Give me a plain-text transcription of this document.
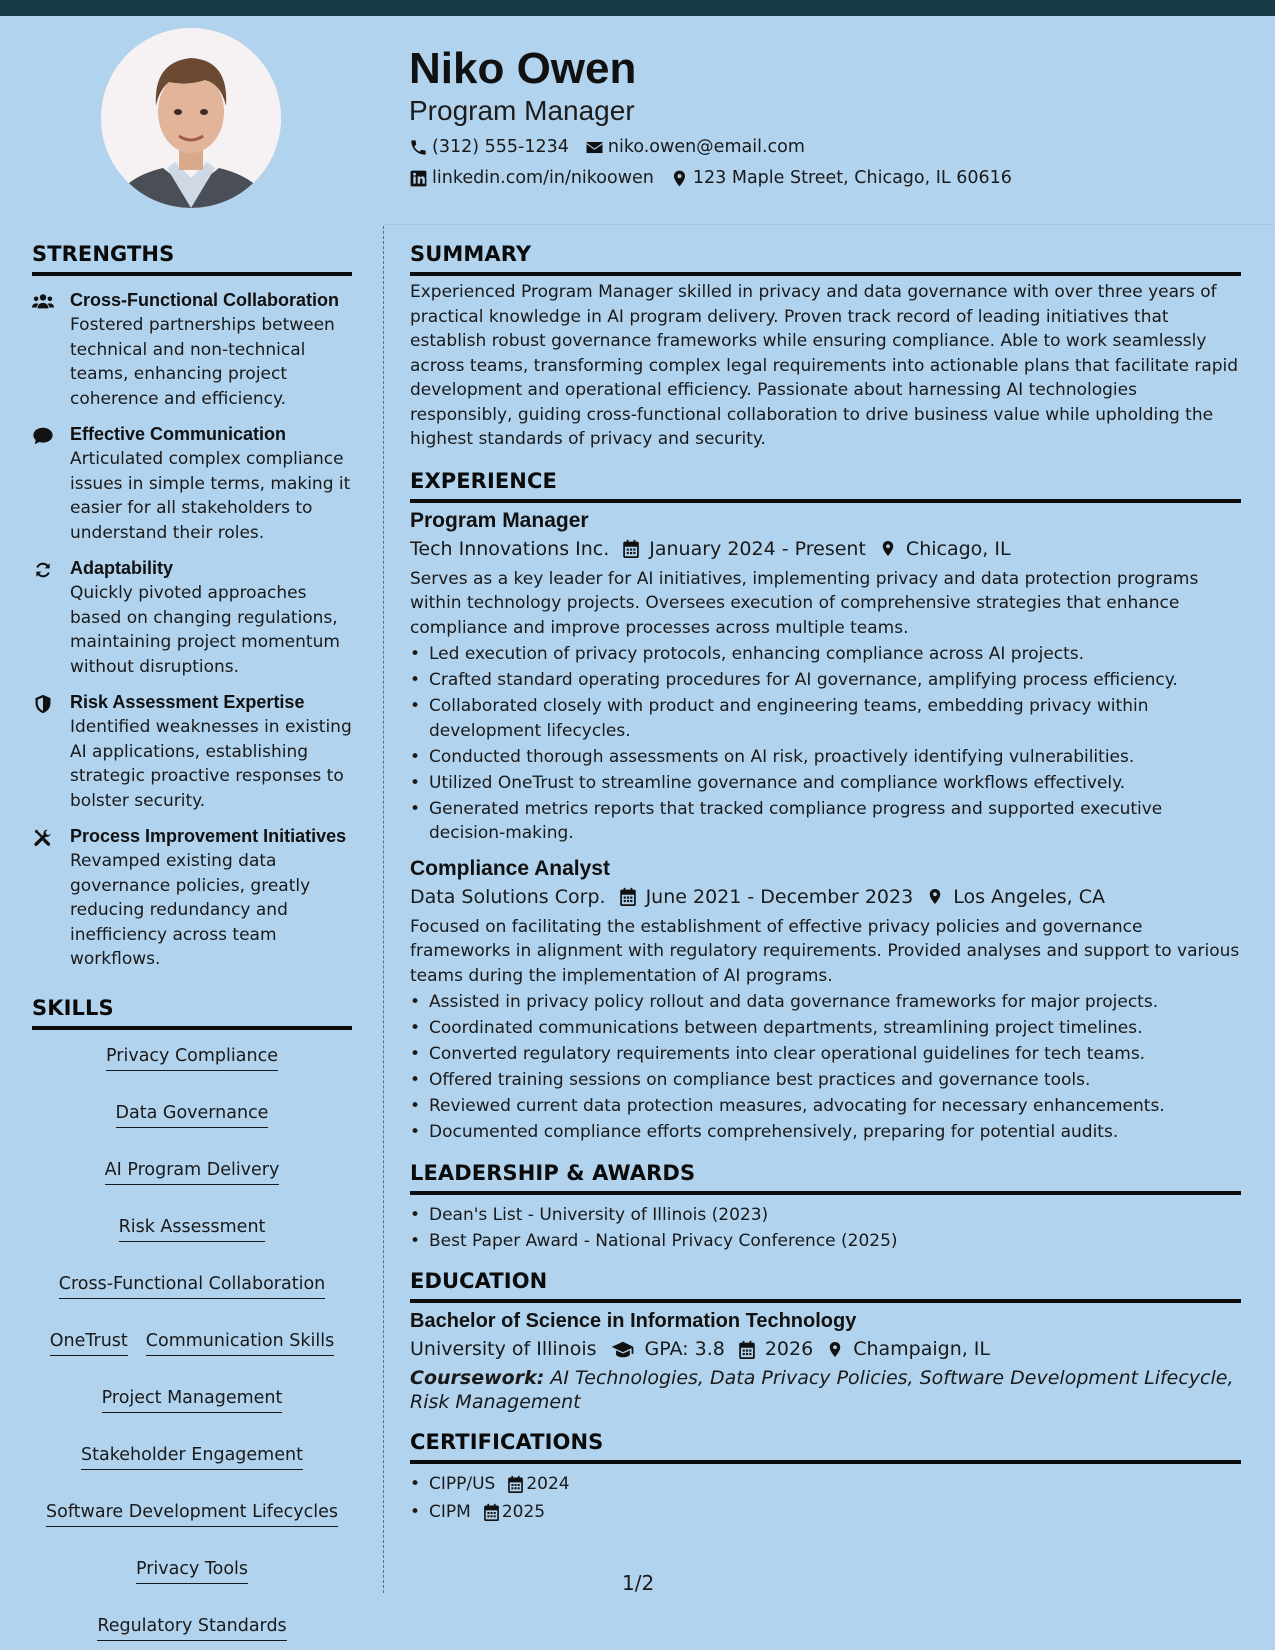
Niko Owen
Program Manager
(312) 555-1234 niko.owen@email.com
linkedin.com/in/nikoowen 123 Maple Street, Chicago, IL 60616
STRENGTHS
Cross-Functional Collaboration
Fostered partnerships between technical and non-technical teams, enhancing project coherence and efficiency.
Effective Communication
Articulated complex compliance issues in simple terms, making it easier for all stakeholders to understand their roles.
Adaptability
Quickly pivoted approaches based on changing regulations, maintaining project momentum without disruptions.
Risk Assessment Expertise
Identified weaknesses in existing AI applications, establishing strategic proactive responses to bolster security.
Process Improvement Initiatives
Revamped existing data governance policies, greatly reducing redundancy and inefficiency across team workflows.
SKILLS
Privacy Compliance
Data Governance
AI Program Delivery
Risk Assessment
Cross-Functional Collaboration
OneTrust Communication Skills
Project Management
Stakeholder Engagement
Software Development Lifecycles
Privacy Tools
Regulatory Standards
SUMMARY
Experienced Program Manager skilled in privacy and data governance with over three years of practical knowledge in AI program delivery. Proven track record of leading initiatives that establish robust governance frameworks while ensuring compliance. Able to work seamlessly across teams, transforming complex legal requirements into actionable plans that facilitate rapid development and operational efficiency. Passionate about harnessing AI technologies responsibly, guiding cross-functional collaboration to drive business value while upholding the highest standards of privacy and security.
EXPERIENCE
Program Manager
Tech Innovations Inc. January 2024 - Present Chicago, IL
Serves as a key leader for AI initiatives, implementing privacy and data protection programs within technology projects. Oversees execution of comprehensive strategies that enhance compliance and improve processes across multiple teams.
• Led execution of privacy protocols, enhancing compliance across AI projects.
• Crafted standard operating procedures for AI governance, amplifying process efficiency.
• Collaborated closely with product and engineering teams, embedding privacy within development lifecycles.
• Conducted thorough assessments on AI risk, proactively identifying vulnerabilities.
• Utilized OneTrust to streamline governance and compliance workflows effectively.
• Generated metrics reports that tracked compliance progress and supported executive decision-making.
Compliance Analyst
Data Solutions Corp. June 2021 - December 2023 Los Angeles, CA
Focused on facilitating the establishment of effective privacy policies and governance frameworks in alignment with regulatory requirements. Provided analyses and support to various teams during the implementation of AI programs.
• Assisted in privacy policy rollout and data governance frameworks for major projects.
• Coordinated communications between departments, streamlining project timelines.
• Converted regulatory requirements into clear operational guidelines for tech teams.
• Offered training sessions on compliance best practices and governance tools.
• Reviewed current data protection measures, advocating for necessary enhancements.
• Documented compliance efforts comprehensively, preparing for potential audits.
LEADERSHIP & AWARDS
• Dean's List - University of Illinois (2023)
• Best Paper Award - National Privacy Conference (2025)
EDUCATION
Bachelor of Science in Information Technology
University of Illinois	GPA: 3.8 2026 Champaign, IL
Coursework: AI Technologies, Data Privacy Policies, Software Development Lifecycle, Risk Management
CERTIFICATIONS
• CIPP/US 2024
• CIPM 2025
1/2
